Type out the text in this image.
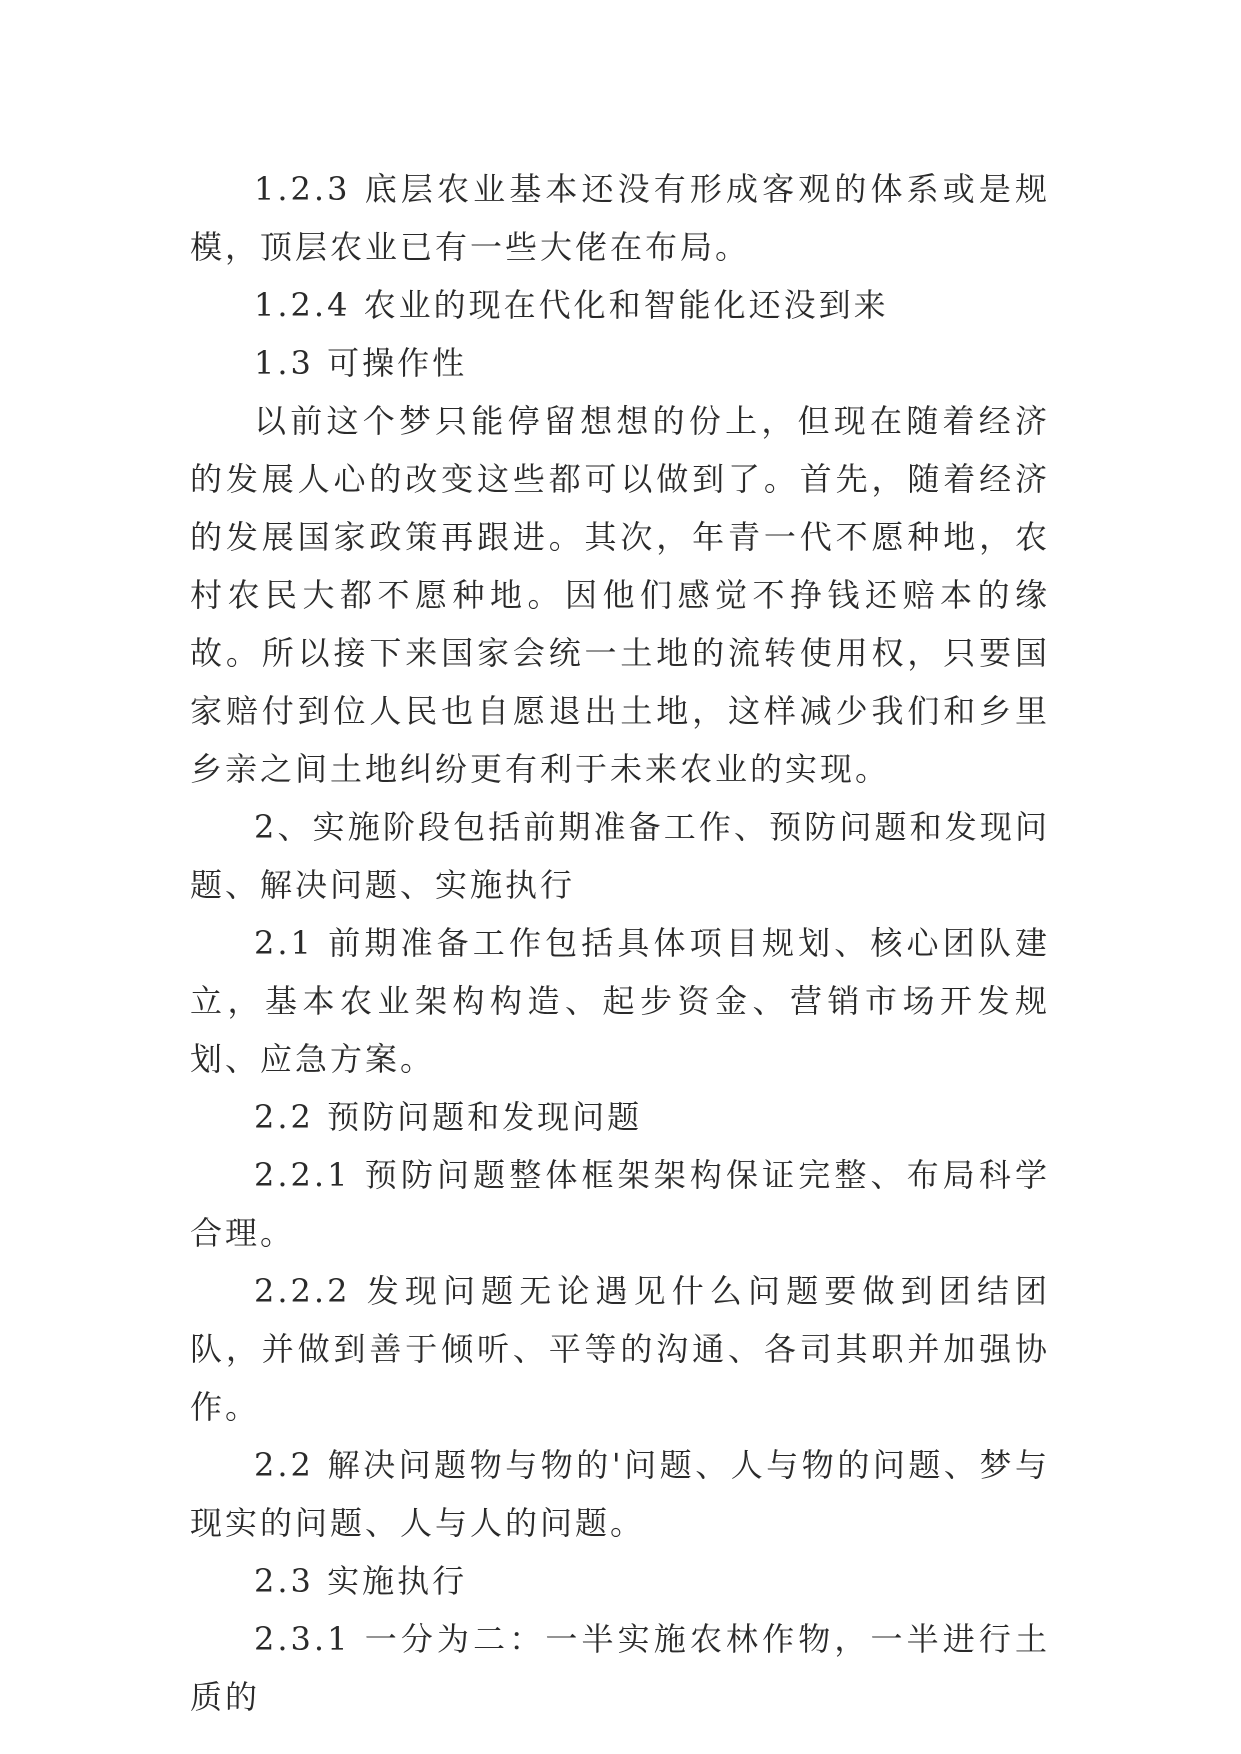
1.2.3 底层农业基本还没有形成客观的体系或是规模，顶层农业已有一些大佬在布局。

1.2.4 农业的现在代化和智能化还没到来

1.3 可操作性

以前这个梦只能停留想想的份上，但现在随着经济的发展人心的改变这些都可以做到了。首先，随着经济的发展国家政策再跟进。其次，年青一代不愿种地，农村农民大都不愿种地。因他们感觉不挣钱还赔本的缘故。所以接下来国家会统一土地的流转使用权，只要国家赔付到位人民也自愿退出土地，这样减少我们和乡里乡亲之间土地纠纷更有利于未来农业的实现。

2、实施阶段包括前期准备工作、预防问题和发现问题、解决问题、实施执行

2.1 前期准备工作包括具体项目规划、核心团队建立，基本农业架构构造、起步资金、营销市场开发规划、应急方案。

2.2 预防问题和发现问题

2.2.1 预防问题整体框架架构保证完整、布局科学合理。

2.2.2 发现问题无论遇见什么问题要做到团结团队，并做到善于倾听、平等的沟通、各司其职并加强协作。

2.2 解决问题物与物的'问题、人与物的问题、梦与现实的问题、人与人的问题。

2.3 实施执行

2.3.1 一分为二：一半实施农林作物，一半进行土质的
